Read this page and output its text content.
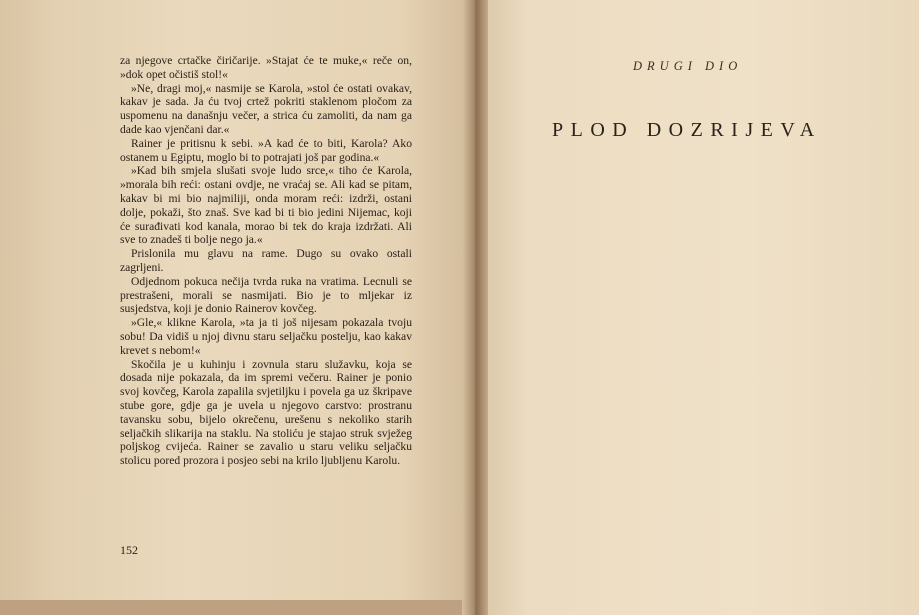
za njegove crtačke čiričarije. »Stajat će te muke,« reče on, »dok opet očistiš stol!«

»Ne, dragi moj,« nasmije se Karola, »stol će ostati ovakav, kakav je sada. Ja ću tvoj crtež pokriti staklenom pločom za uspomenu na današnju večer, a strica ću zamoliti, da nam ga dade kao vjenčani dar.«

Rainer je pritisnu k sebi. »A kad će to biti, Karola? Ako ostanem u Egiptu, moglo bi to potrajati još par godina.«

»Kad bih smjela slušati svoje ludo srce,« tiho će Karola, »morala bih reći: ostani ovdje, ne vraćaj se. Ali kad se pitam, kakav bi mi bio najmiliji, onda moram reći: izdrži, ostani dolje, pokaži, što znaš. Sve kad bi ti bio jedini Nijemac, koji će surađivati kod kanala, morao bi tek do kraja izdržati. Ali sve to znadeš ti bolje nego ja.«

Prislonila mu glavu na rame. Dugo su ovako ostali zagrljeni.

Odjednom pokuca nečija tvrda ruka na vratima. Lecnuli se prestrašeni, morali se nasmijati. Bio je to mljekar iz susjedstva, koji je donio Rainerov kovčeg.

»Gle,« klikne Karola, »ta ja ti još nijesam pokazala tvoju sobu! Da vidiš u njoj divnu staru seljačku postelju, kao kakav krevet s nebom!«

Skočila je u kuhinju i zovnula staru služavku, koja se dosada nije pokazala, da im spremi večeru. Rainer je ponio svoj kovčeg, Karola zapalila svjetiljku i povela ga uz škripave stube gore, gdje ga je uvela u njegovo carstvo: prostranu tavansku sobu, bijelo okrečenu, urešenu s nekoliko starih seljačkih slikarija na staklu. Na stoliću je stajao struk svježeg poljskog cvijeća. Rainer se zavalio u staru veliku seljačku stolicu pored prozora i posjeo sebi na krilo ljubljenu Karolu.

152
DRUGI DIO
PLOD DOZRIJEVA
